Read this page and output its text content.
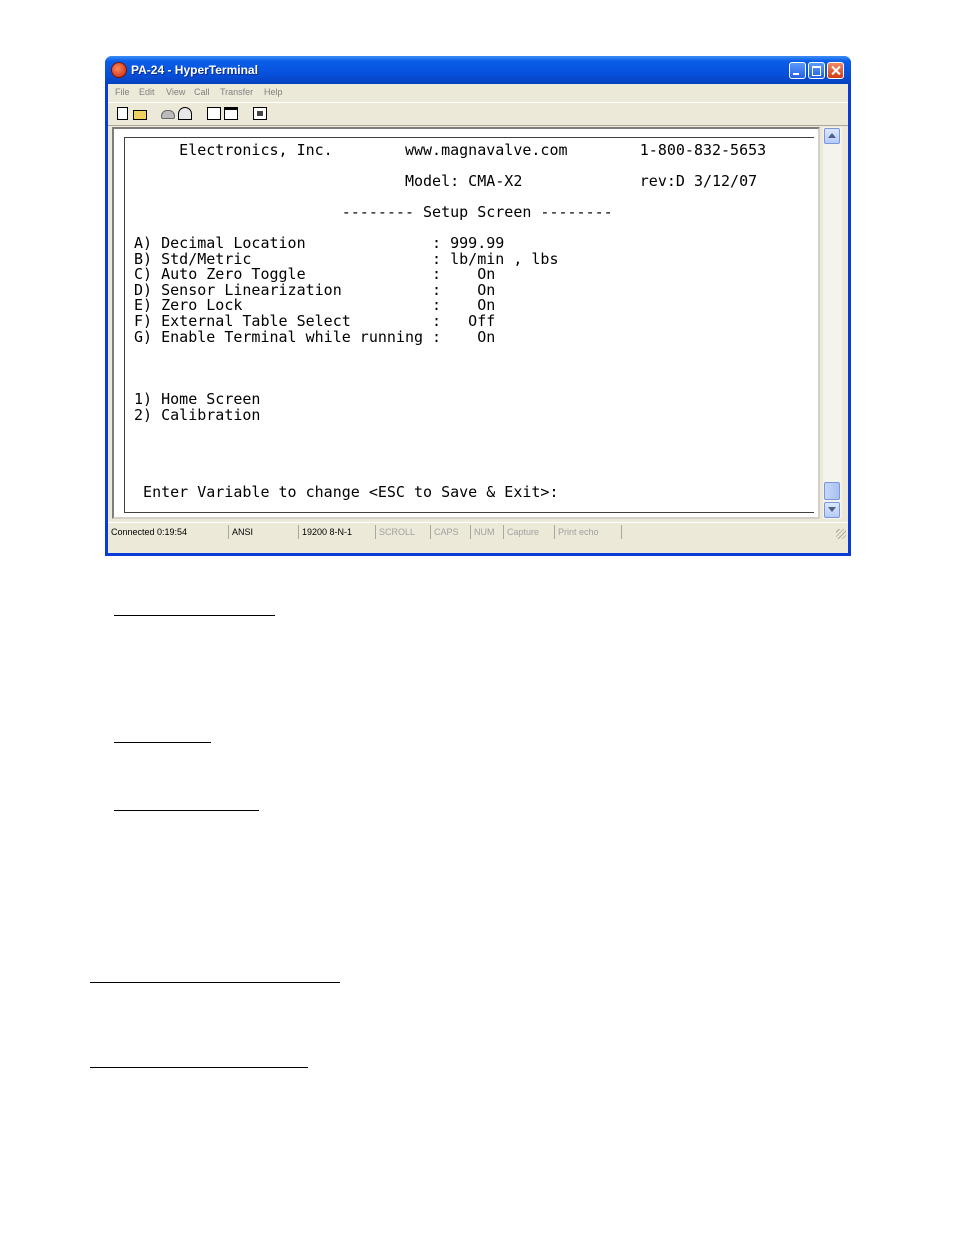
PA-24 - HyperTerminal
File Edit View Call Transfer Help
Electronics, Inc.        www.magnavalve.com        1-800-832-5653
Model: CMA-X2             rev:D 3/12/07
-------- Setup Screen --------
A) Decimal Location              : 999.99
B) Std/Metric                    : lb/min , lbs
C) Auto Zero Toggle              :    On
D) Sensor Linearization          :    On
E) Zero Lock                     :    On
F) External Table Select         :   Off
G) Enable Terminal while running :    On
1) Home Screen
2) Calibration
Enter Variable to change <ESC to Save & Exit>:
Connected 0:19:54	ANSI	19200 8-N-1	SCROLL	CAPS	NUM	Capture	Print echo
